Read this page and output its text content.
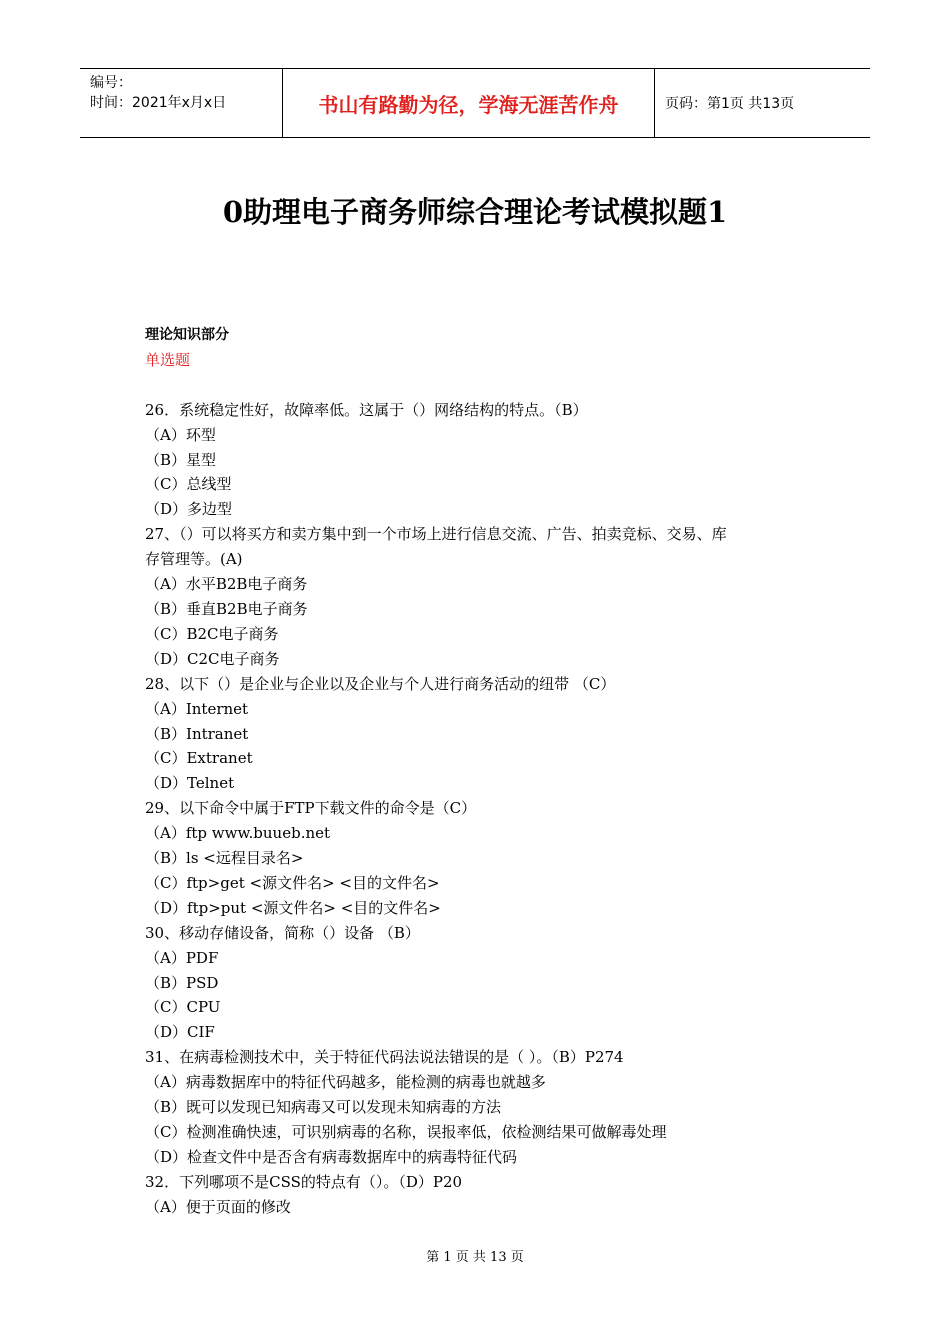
编号：
时间：2021年x月x日	书山有路勤为径，学海无涯苦作舟	页码：第1页 共13页
0助理电子商务师综合理论考试模拟题1
理论知识部分
单选题

26．系统稳定性好，故障率低。这属于（）网络结构的特点。（B）
（A）环型
（B）星型
（C）总线型
（D）多边型
27、（）可以将买方和卖方集中到一个市场上进行信息交流、广告、拍卖竞标、交易、库
存管理等。(A)
（A）水平B2B电子商务
（B）垂直B2B电子商务
（C）B2C电子商务
（D）C2C电子商务
28、以下（）是企业与企业以及企业与个人进行商务活动的纽带 （C）
（A）Internet
（B）Intranet
（C）Extranet
（D）Telnet
29、以下命令中属于FTP下载文件的命令是（C）
（A）ftp www.buueb.net
（B）ls <远程目录名>
（C）ftp>get <源文件名> <目的文件名>
（D）ftp>put <源文件名> <目的文件名>
30、移动存储设备，简称（）设备 （B）
（A）PDF
（B）PSD
（C）CPU
（D）CIF
31、在病毒检测技术中，关于特征代码法说法错误的是（ ）。（B）P274
（A）病毒数据库中的特征代码越多，能检测的病毒也就越多
（B）既可以发现已知病毒又可以发现未知病毒的方法
（C）检测准确快速，可识别病毒的名称，误报率低，依检测结果可做解毒处理
（D）检查文件中是否含有病毒数据库中的病毒特征代码
32．下列哪项不是CSS的特点有（）。（D）P20
（A）便于页面的修改
第 1 页 共 13 页
